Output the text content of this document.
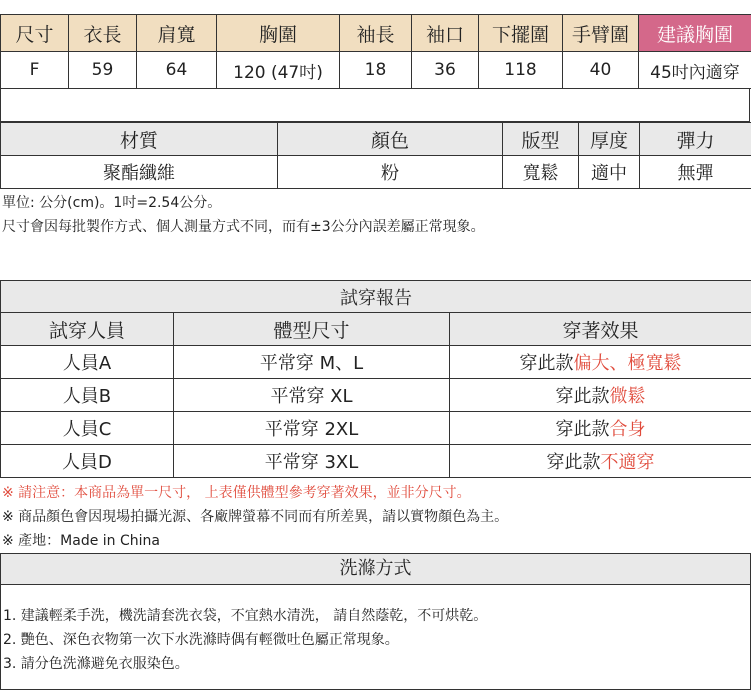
尺寸	衣長	肩寬	胸圍	袖長	袖口	下擺圍	手臂圍	建議胸圍
F	59	64	120 (47吋)	18	36	118	40	45吋內適穿
材質	顏色	版型	厚度	彈力
聚酯纖維	粉	寬鬆	適中	無彈
單位: 公分(cm)。1吋=2.54公分。
尺寸會因每批製作方式、個人測量方式不同，而有±3公分內誤差屬正常現象。
試穿報告		
試穿人員	體型尺寸	穿著效果
人員A	平常穿 M、L	穿此款偏大、極寬鬆
人員B	平常穿 XL	穿此款微鬆
人員C	平常穿 2XL	穿此款合身
人員D	平常穿 3XL	穿此款不適穿
※ 請注意：本商品為單一尺寸， 上表僅供體型參考穿著效果，並非分尺寸。
※ 商品顏色會因現場拍攝光源、各廠牌螢幕不同而有所差異，請以實物顏色為主。
※ 產地：Made in China
洗滌方式
1. 建議輕柔手洗，機洗請套洗衣袋，不宜熱水清洗， 請自然蔭乾，不可烘乾。
2. 艷色、深色衣物第一次下水洗滌時偶有輕微吐色屬正常現象。
3. 請分色洗滌避免衣服染色。
